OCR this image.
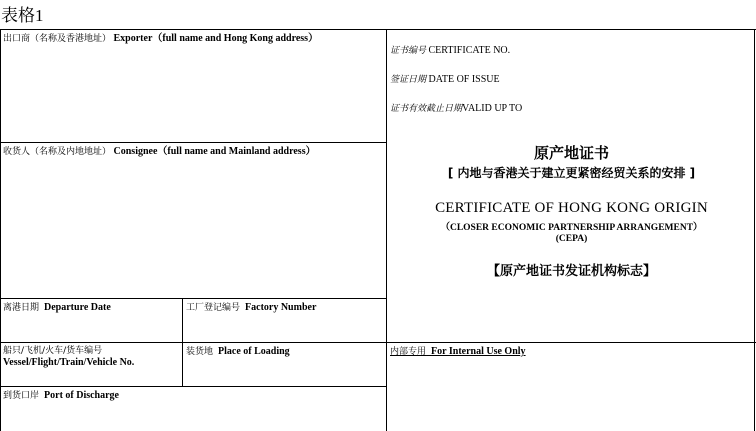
表格1
出口商（名称及香港地址） Exporter（full name and Hong Kong address）
收货人（名称及内地地址） Consignee（full name and Mainland address）
离港日期 Departure Date	工厂登记编号 Factory Number
船只/飞机/火车/货车编号
Vessel/Flight/Train/Vehicle No.
装货地 Place of Loading
到货口岸 Port of Discharge
内部专用 For Internal Use Only
证书编号 CERTIFICATE NO.
签证日期 DATE OF ISSUE
证书有效截止日期VALID UP TO
原产地证书
[ 内地与香港关于建立更紧密经贸关系的安排 ]
CERTIFICATE OF HONG KONG ORIGIN
（CLOSER ECONOMIC PARTNERSHIP ARRANGEMENT）
(CEPA)
【原产地证书发证机构标志】
